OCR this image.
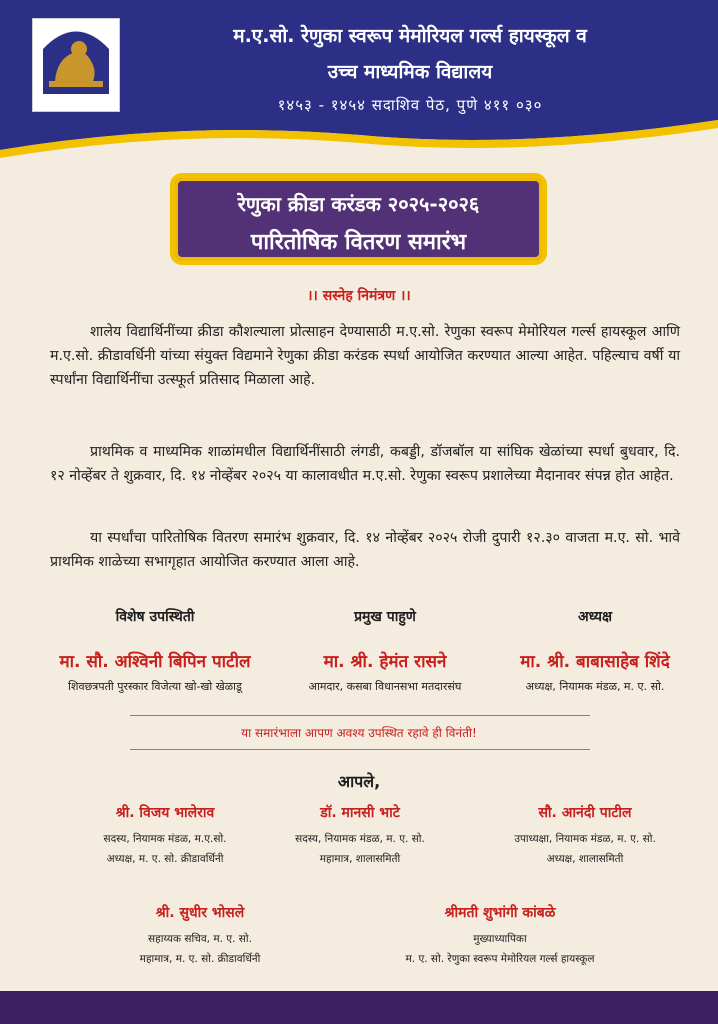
म.ए.सो. रेणुका स्वरूप मेमोरियल गर्ल्स हायस्कूल व
उच्च माध्यमिक विद्यालय
१४५३ - १४५४ सदाशिव पेठ, पुणे ४११ ०३०
रेणुका क्रीडा करंडक २०२५-२०२६
पारितोषिक वितरण समारंभ
।। सस्नेह निमंत्रण ।।
शालेय विद्यार्थिनींच्या क्रीडा कौशल्याला प्रोत्साहन देण्यासाठी म.ए.सो. रेणुका स्वरूप मेमोरियल गर्ल्स हायस्कूल आणि म.ए.सो. क्रीडावर्धिनी यांच्या संयुक्त विद्यमाने रेणुका क्रीडा करंडक स्पर्धा आयोजित करण्यात आल्या आहेत. पहिल्याच वर्षी या स्पर्धांना विद्यार्थिनींचा उत्स्फूर्त प्रतिसाद मिळाला आहे.
प्राथमिक व माध्यमिक शाळांमधील विद्यार्थिनींसाठी लंगडी, कबड्डी, डॉजबॉल या सांघिक खेळांच्या स्पर्धा बुधवार, दि. १२ नोव्हेंबर ते शुक्रवार, दि. १४ नोव्हेंबर २०२५ या कालावधीत म.ए.सो. रेणुका स्वरूप प्रशालेच्या मैदानावर संपन्न होत आहेत.
या स्पर्धांचा पारितोषिक वितरण समारंभ शुक्रवार, दि. १४ नोव्हेंबर २०२५ रोजी दुपारी १२.३० वाजता म.ए. सो. भावे प्राथमिक शाळेच्या सभागृहात आयोजित करण्यात आला आहे.
विशेष उपस्थिती
मा. सौ. अश्विनी बिपिन पाटील
शिवछत्रपती पुरस्कार विजेत्या खो-खो खेळाडू
प्रमुख पाहुणे
मा. श्री. हेमंत रासने
आमदार, कसबा विधानसभा मतदारसंघ
अध्यक्ष
मा. श्री. बाबासाहेब शिंदे
अध्यक्ष, नियामक मंडळ, म. ए. सो.
या समारंभाला आपण अवश्य उपस्थित रहावे ही विनंती!
आपले,
श्री. विजय भालेराव
सदस्य, नियामक मंडळ, म.ए.सो.
अध्यक्ष, म. ए. सो. क्रीडावर्धिनी
डॉ. मानसी भाटे
सदस्य, नियामक मंडळ, म. ए. सो.
महामात्र, शालासमिती
सौ. आनंदी पाटील
उपाध्यक्षा, नियामक मंडळ, म. ए. सो.
अध्यक्ष, शालासमिती
श्री. सुधीर भोसले
सहाय्यक सचिव, म. ए. सो.
महामात्र, म. ए. सो. क्रीडावर्धिनी
श्रीमती शुभांगी कांबळे
मुख्याध्यापिका
म. ए. सो. रेणुका स्वरूप मेमोरियल गर्ल्स हायस्कूल
